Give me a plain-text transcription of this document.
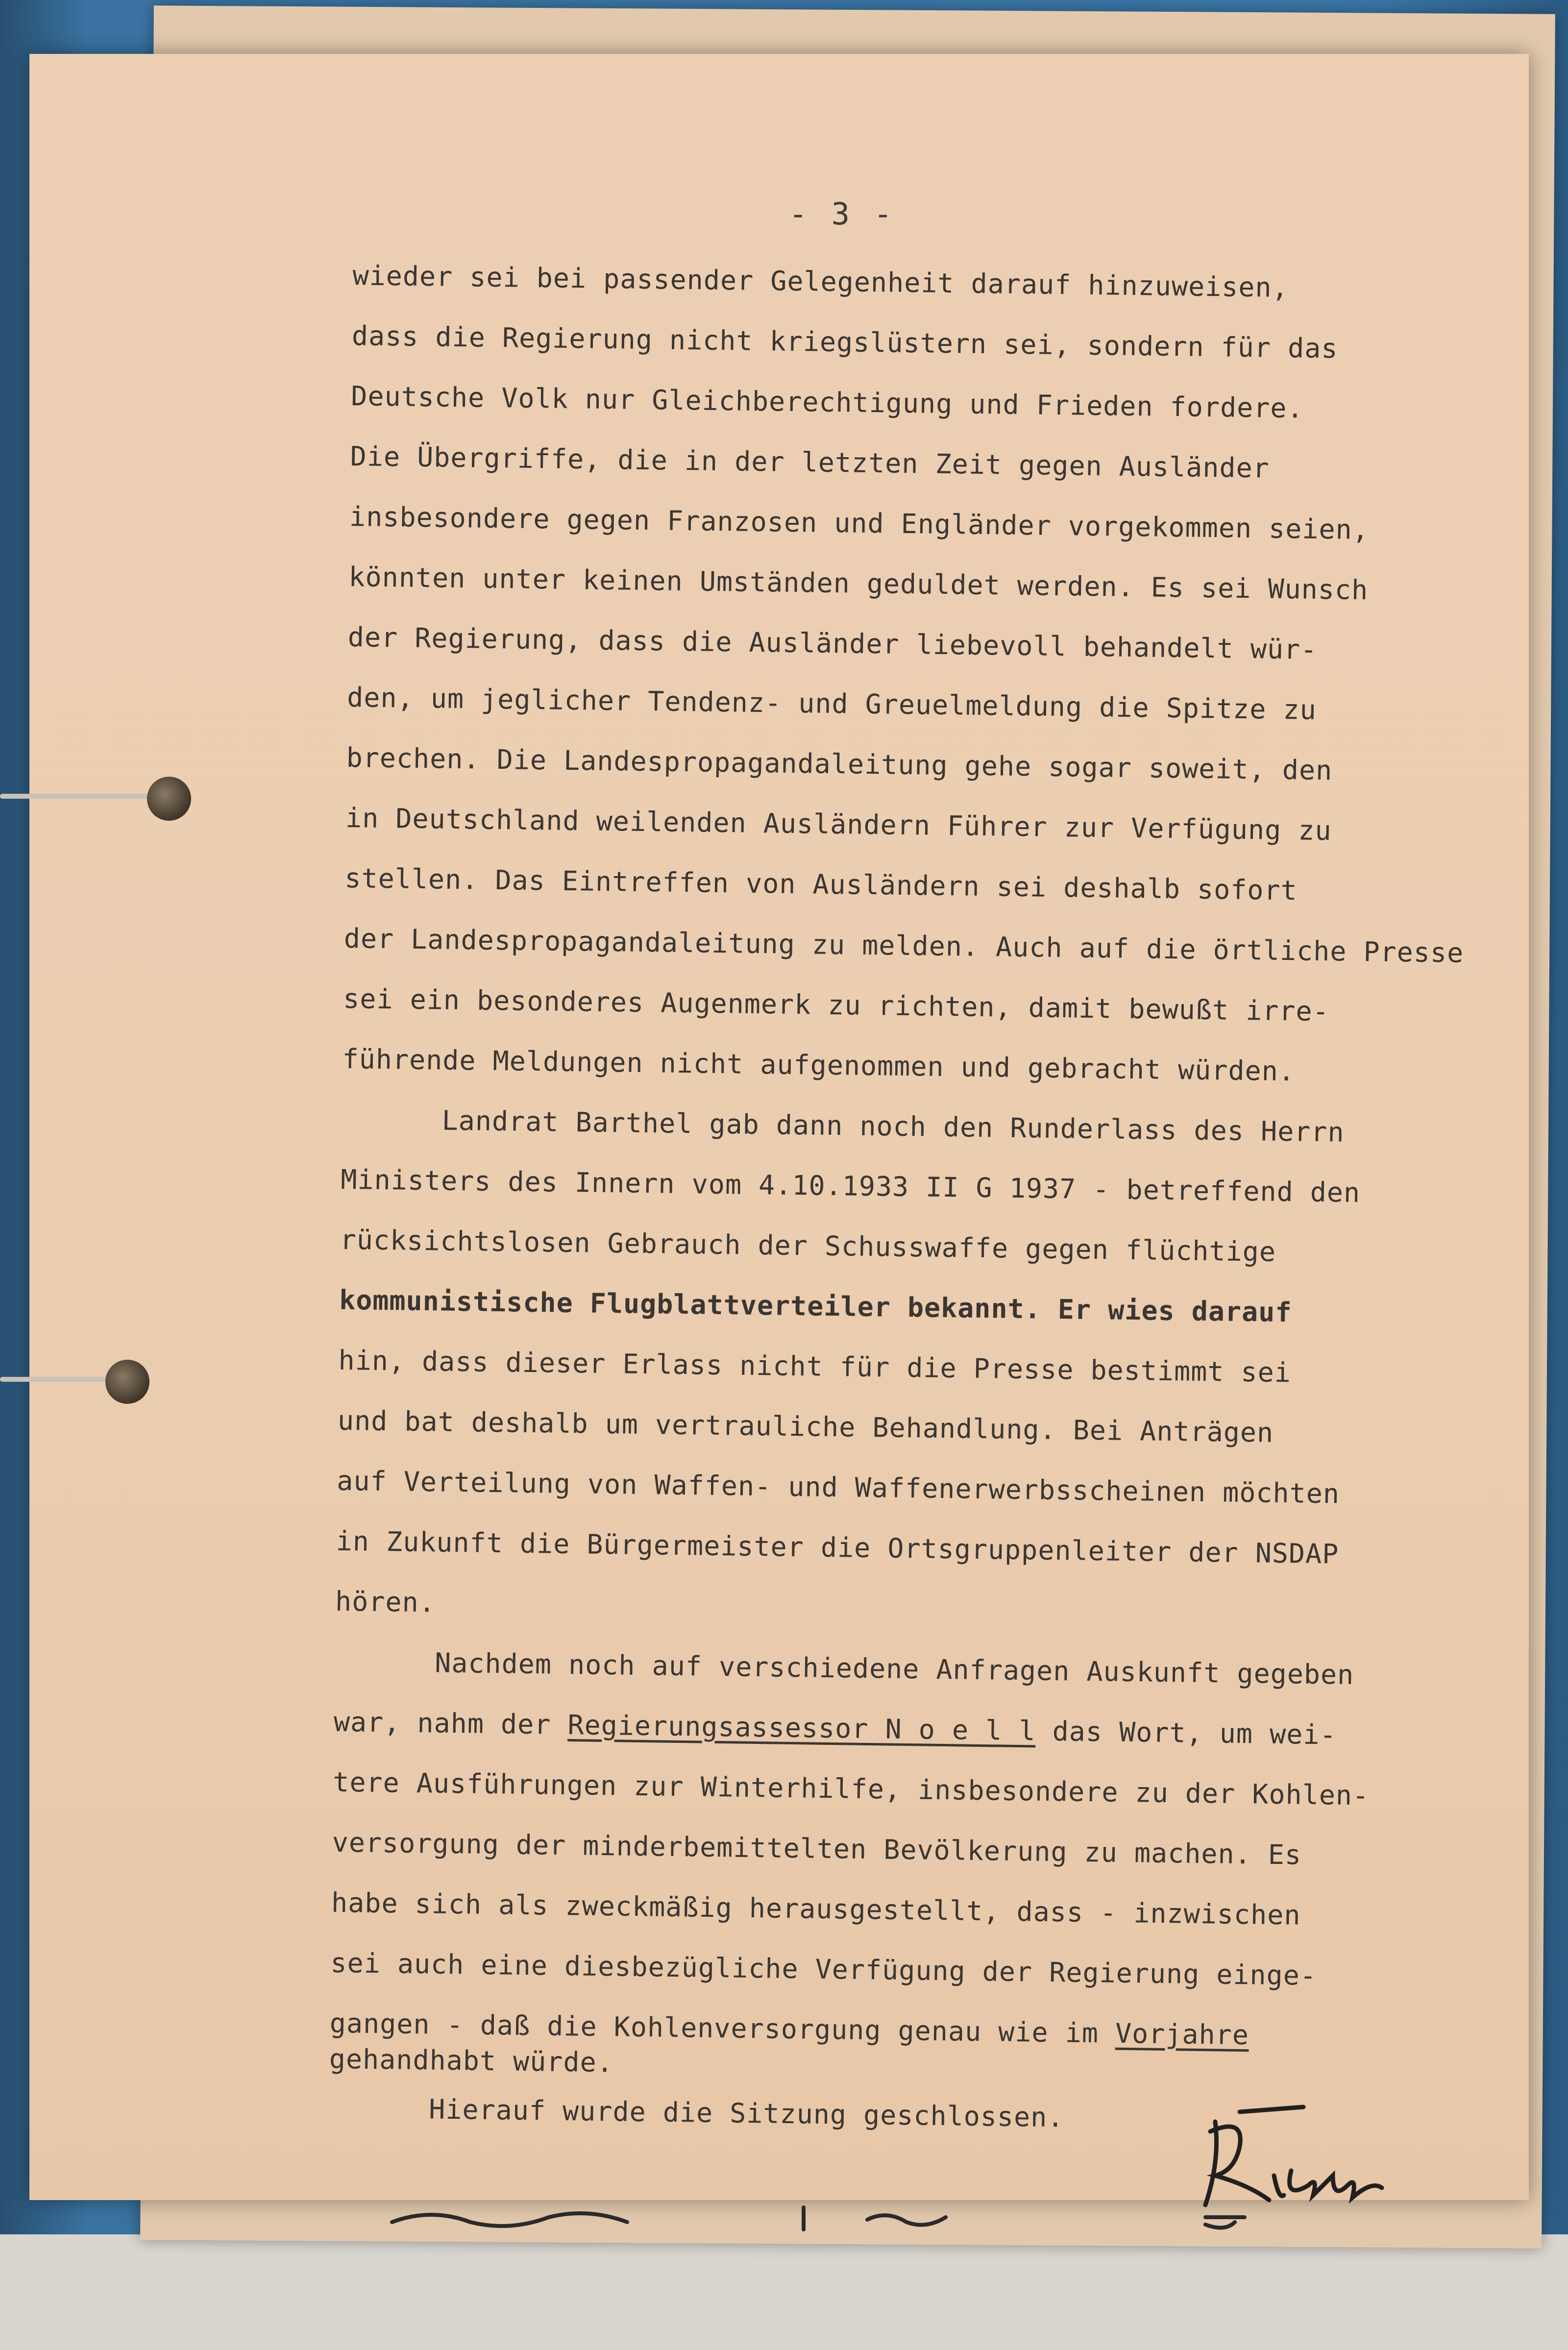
- 3 -
wieder sei bei passender Gelegenheit darauf hinzuweisen,
dass die Regierung nicht kriegslüstern sei, sondern für das
Deutsche Volk nur Gleichberechtigung und Frieden fordere.
Die Übergriffe, die in der letzten Zeit gegen Ausländer
insbesondere gegen Franzosen und Engländer vorgekommen seien,
könnten unter keinen Umständen geduldet werden. Es sei Wunsch
der Regierung, dass die Ausländer liebevoll behandelt wür-
den, um jeglicher Tendenz- und Greuelmeldung die Spitze zu
brechen. Die Landespropagandaleitung gehe sogar soweit, den
in Deutschland weilenden Ausländern Führer zur Verfügung zu
stellen. Das Eintreffen von Ausländern sei deshalb sofort
der Landespropagandaleitung zu melden. Auch auf die örtliche Presse
sei ein besonderes Augenmerk zu richten, damit bewußt irre-
führende Meldungen nicht aufgenommen und gebracht würden.
Landrat Barthel gab dann noch den Runderlass des Herrn
Ministers des Innern vom 4.10.1933 II G 1937 - betreffend den
rücksichtslosen Gebrauch der Schusswaffe gegen flüchtige
kommunistische Flugblattverteiler bekannt. Er wies darauf
hin, dass dieser Erlass nicht für die Presse bestimmt sei
und bat deshalb um vertrauliche Behandlung. Bei Anträgen
auf Verteilung von Waffen- und Waffenerwerbsscheinen möchten
in Zukunft die Bürgermeister die Ortsgruppenleiter der NSDAP
hören.
Nachdem noch auf verschiedene Anfragen Auskunft gegeben
war, nahm der Regierungsassessor N o e l l das Wort, um wei-
tere Ausführungen zur Winterhilfe, insbesondere zu der Kohlen-
versorgung der minderbemittelten Bevölkerung zu machen. Es
habe sich als zweckmäßig herausgestellt, dass - inzwischen
sei auch eine diesbezügliche Verfügung der Regierung einge-
gangen - daß die Kohlenversorgung genau wie im Vorjahre
gehandhabt würde.
Hierauf wurde die Sitzung geschlossen.
